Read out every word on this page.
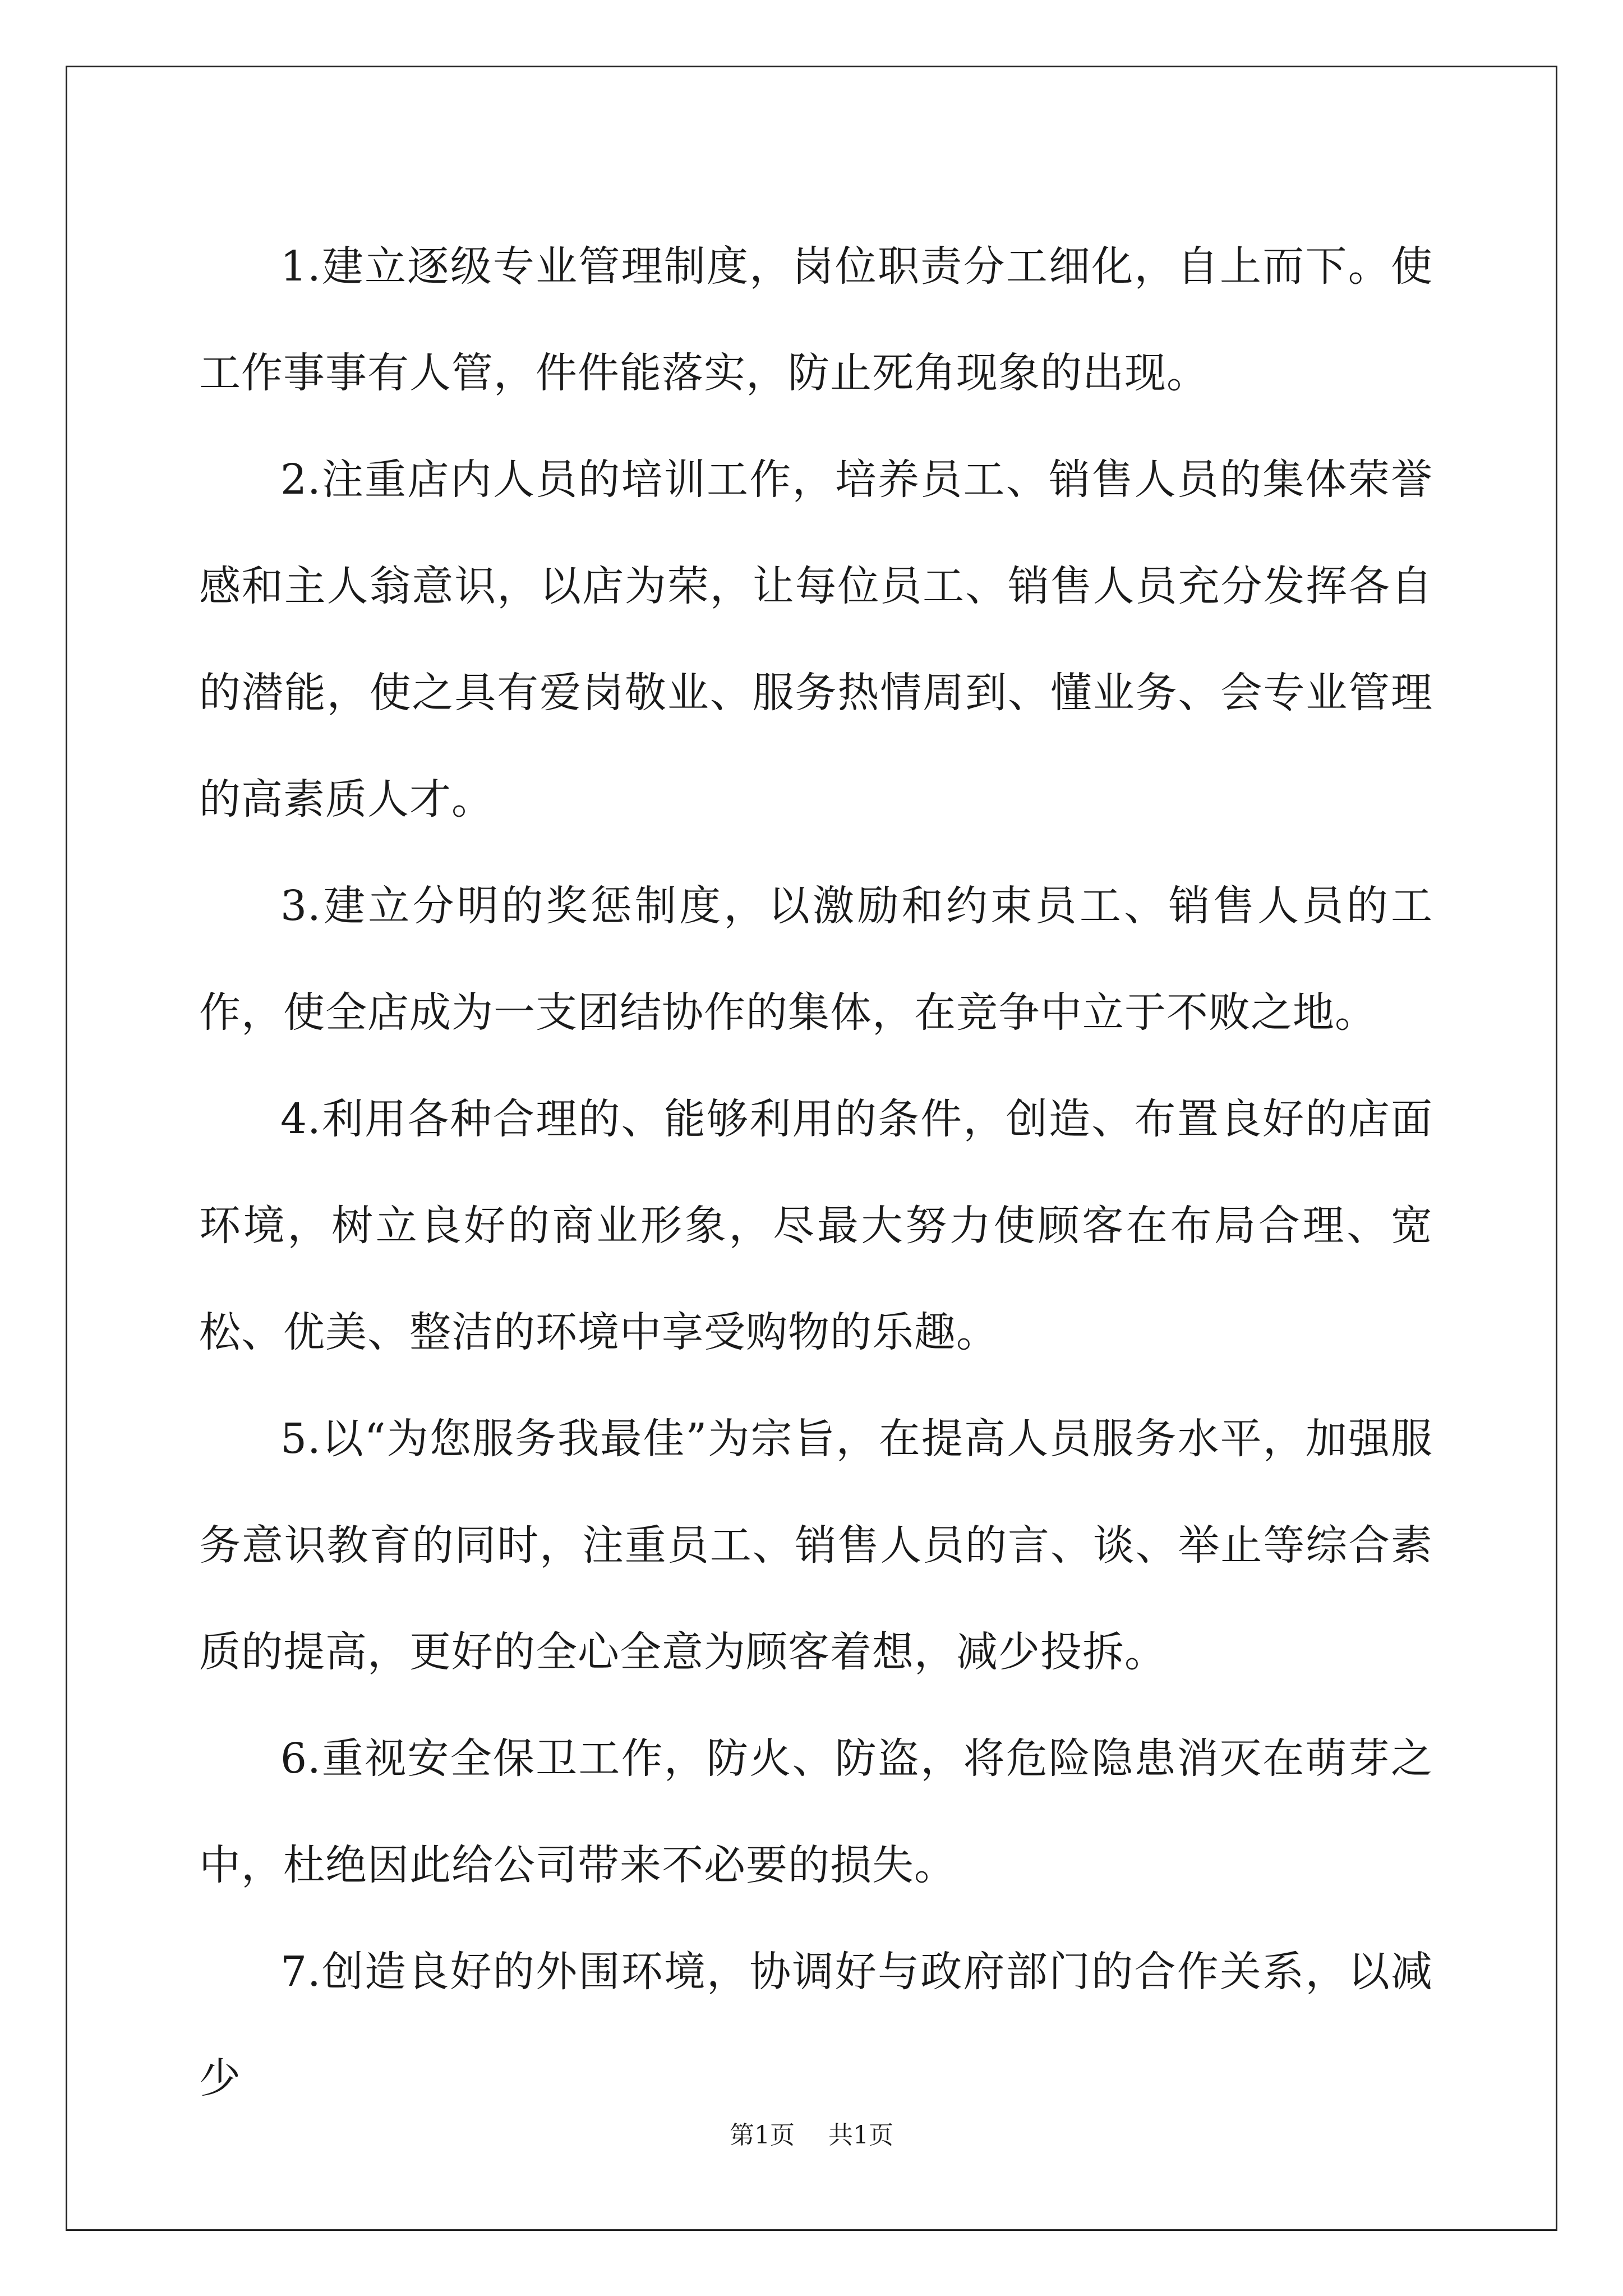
1.建立逐级专业管理制度，岗位职责分工细化，自上而下。使工作事事有人管，件件能落实，防止死角现象的出现。

2.注重店内人员的培训工作，培养员工、销售人员的集体荣誉感和主人翁意识，以店为荣，让每位员工、销售人员充分发挥各自的潜能，使之具有爱岗敬业、服务热情周到、懂业务、会专业管理的高素质人才。

3.建立分明的奖惩制度，以激励和约束员工、销售人员的工作，使全店成为一支团结协作的集体，在竞争中立于不败之地。

4.利用各种合理的、能够利用的条件，创造、布置良好的店面环境，树立良好的商业形象，尽最大努力使顾客在布局合理、宽松、优美、整洁的环境中享受购物的乐趣。

5.以“为您服务我最佳”为宗旨，在提高人员服务水平，加强服务意识教育的同时，注重员工、销售人员的言、谈、举止等综合素质的提高，更好的全心全意为顾客着想，减少投拆。

6.重视安全保卫工作，防火、防盗，将危险隐患消灭在萌芽之中，杜绝因此给公司带来不必要的损失。

7.创造良好的外围环境，协调好与政府部门的合作关系，以减少

第1页 共1页
